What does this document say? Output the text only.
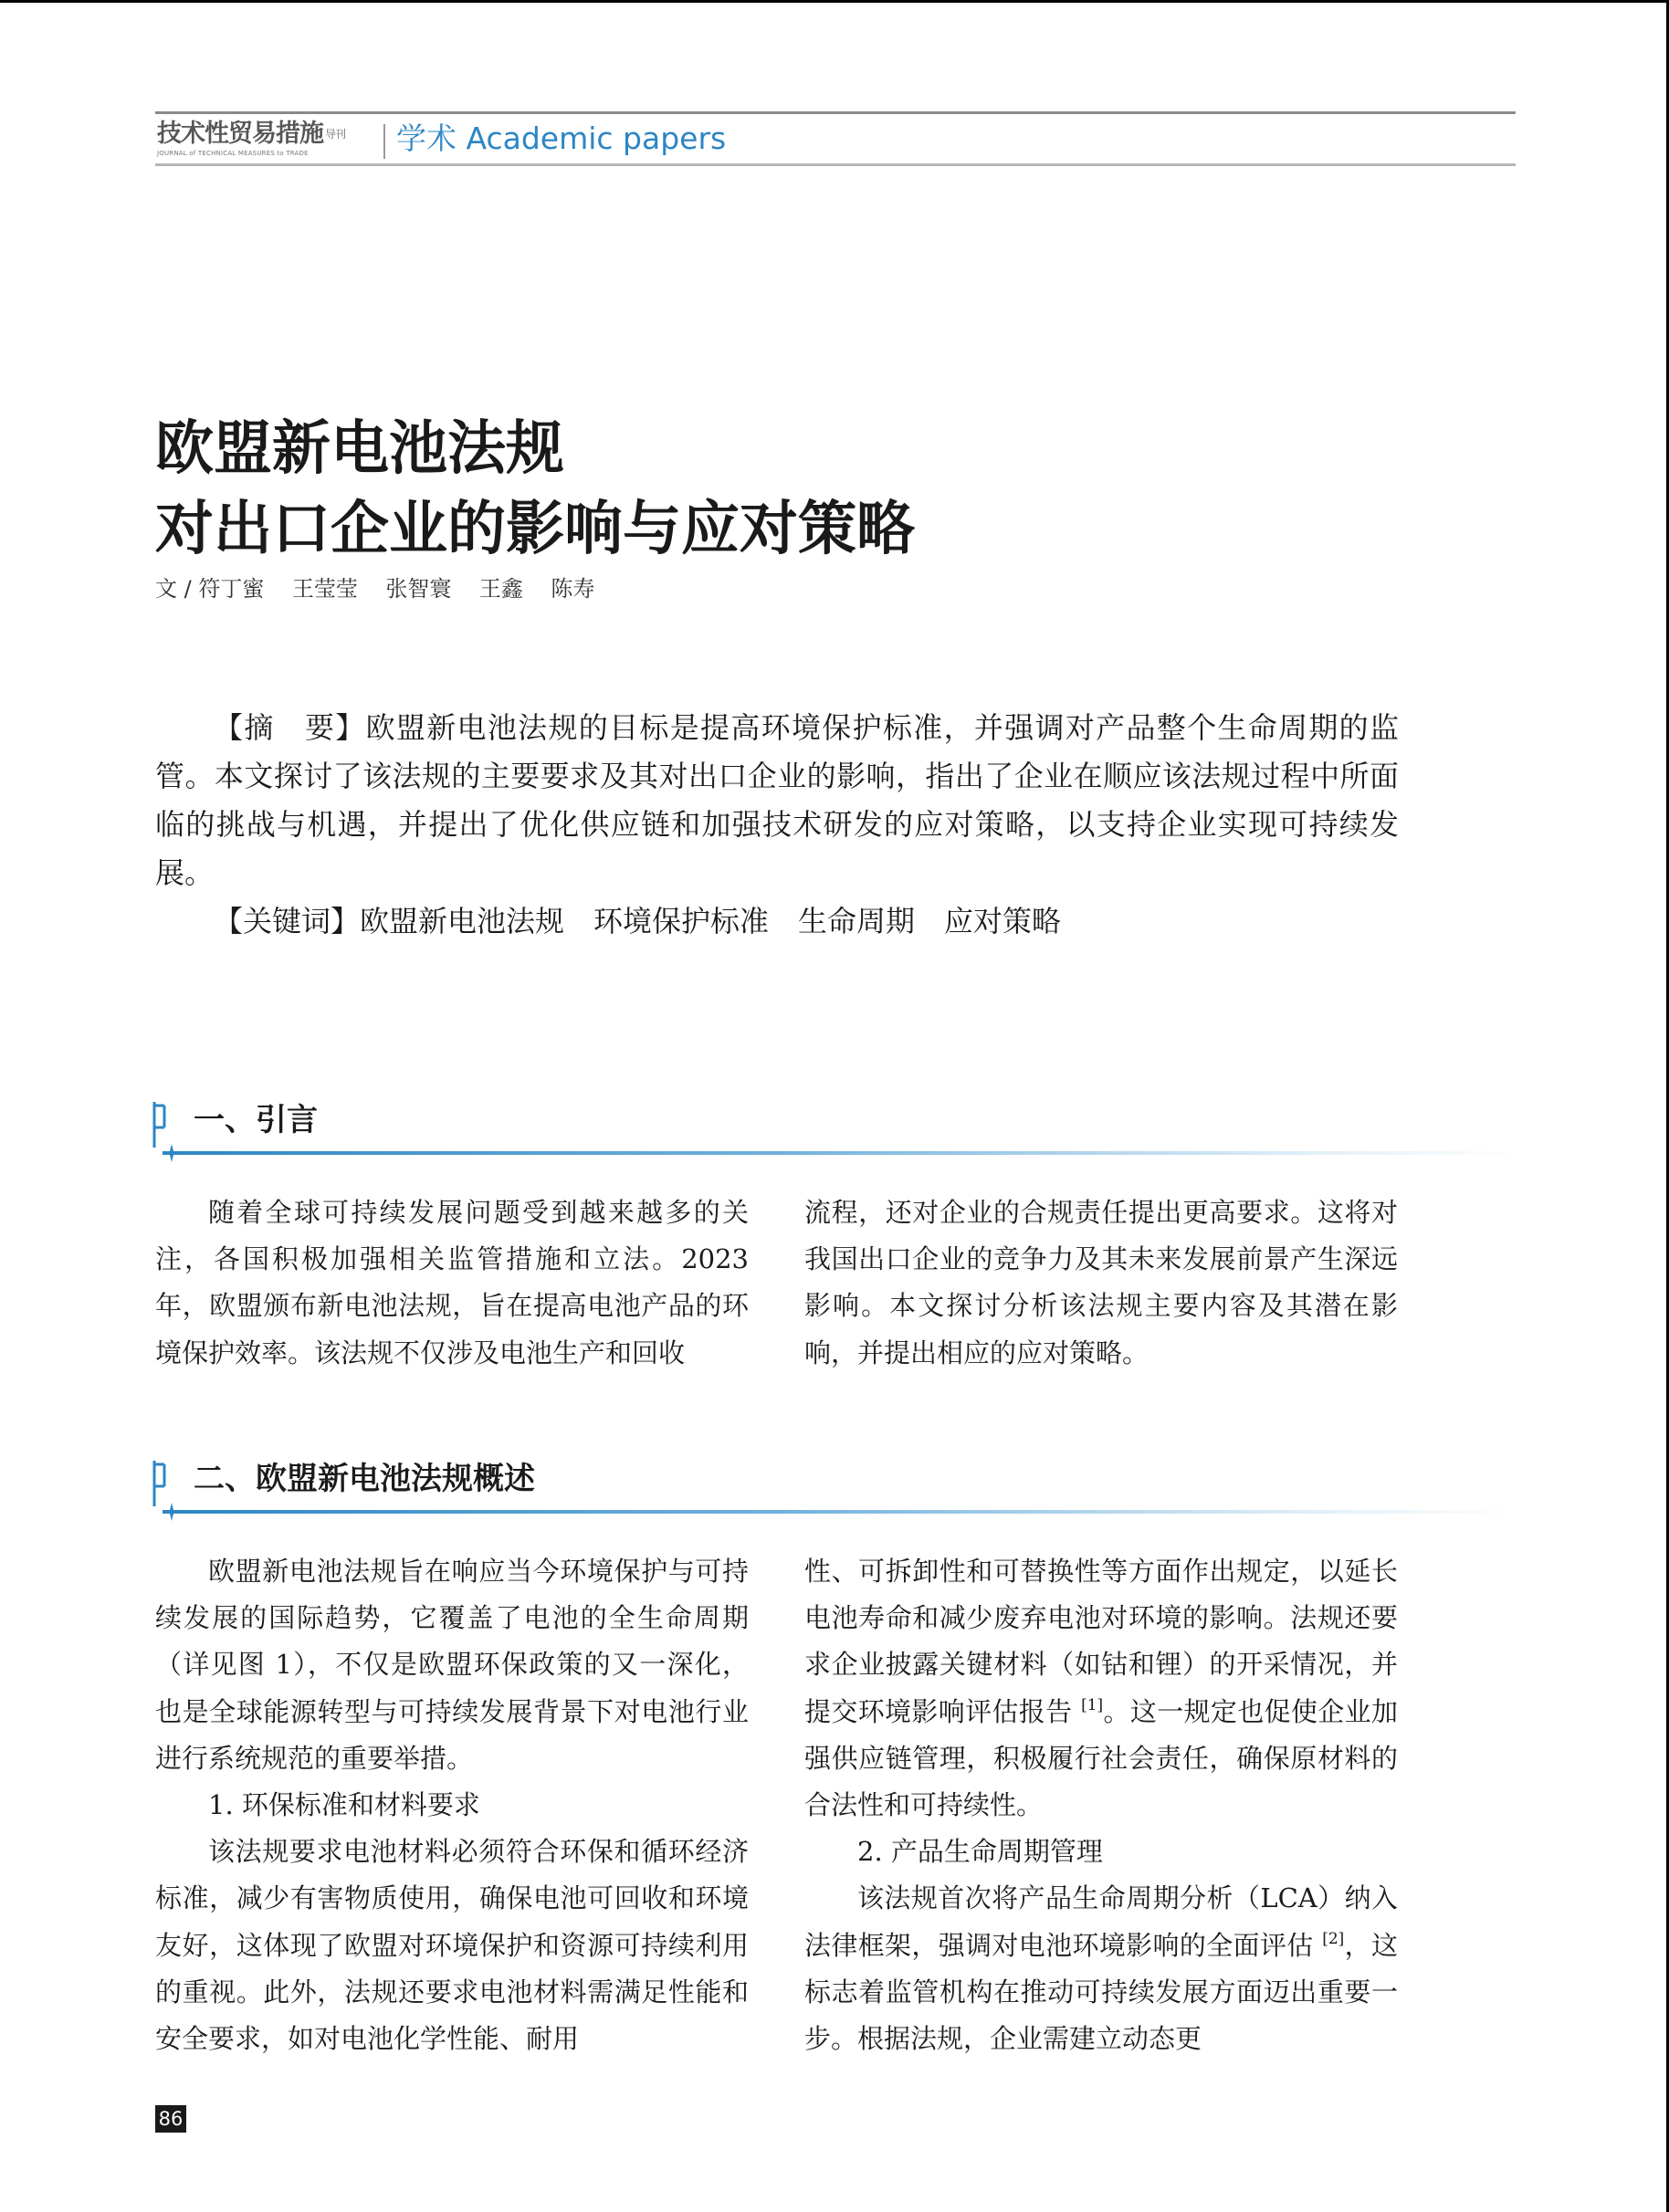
技术性贸易措施 $^{导刊}$
JOURNAL of TECHNICAL MEASURES to TRADE	学术 Academic papers
欧盟新电池法规
对出口企业的影响与应对策略
文 / 符丁蜜    王莹莹    张智寰    王鑫    陈寿

【摘　要】欧盟新电池法规的目标是提高环境保护标准，并强调对产品整个生命周期的监管。本文探讨了该法规的主要要求及其对出口企业的影响，指出了企业在顺应该法规过程中所面临的挑战与机遇，并提出了优化供应链和加强技术研发的应对策略，以支持企业实现可持续发展。

【关键词】欧盟新电池法规　环境保护标准　生命周期　应对策略

一、引言

随着全球可持续发展问题受到越来越多的关注，各国积极加强相关监管措施和立法。2023年，欧盟颁布新电池法规，旨在提高电池产品的环境保护效率。该法规不仅涉及电池生产和回收

流程，还对企业的合规责任提出更高要求。这将对我国出口企业的竞争力及其未来发展前景产生深远影响。本文探讨分析该法规主要内容及其潜在影响，并提出相应的应对策略。

二、欧盟新电池法规概述

欧盟新电池法规旨在响应当今环境保护与可持续发展的国际趋势，它覆盖了电池的全生命周期（详见图 1），不仅是欧盟环保政策的又一深化，也是全球能源转型与可持续发展背景下对电池行业进行系统规范的重要举措。

1. 环保标准和材料要求

该法规要求电池材料必须符合环保和循环经济标准，减少有害物质使用，确保电池可回收和环境友好，这体现了欧盟对环境保护和资源可持续利用的重视。此外，法规还要求电池材料需满足性能和安全要求，如对电池化学性能、耐用

性、可拆卸性和可替换性等方面作出规定，以延长电池寿命和减少废弃电池对环境的影响。法规还要求企业披露关键材料（如钴和锂）的开采情况，并提交环境影响评估报告 [1]。这一规定也促使企业加强供应链管理，积极履行社会责任，确保原材料的合法性和可持续性。

2. 产品生命周期管理

该法规首次将产品生命周期分析（LCA）纳入法律框架，强调对电池环境影响的全面评估 [2]，这标志着监管机构在推动可持续发展方面迈出重要一步。根据法规，企业需建立动态更

86
